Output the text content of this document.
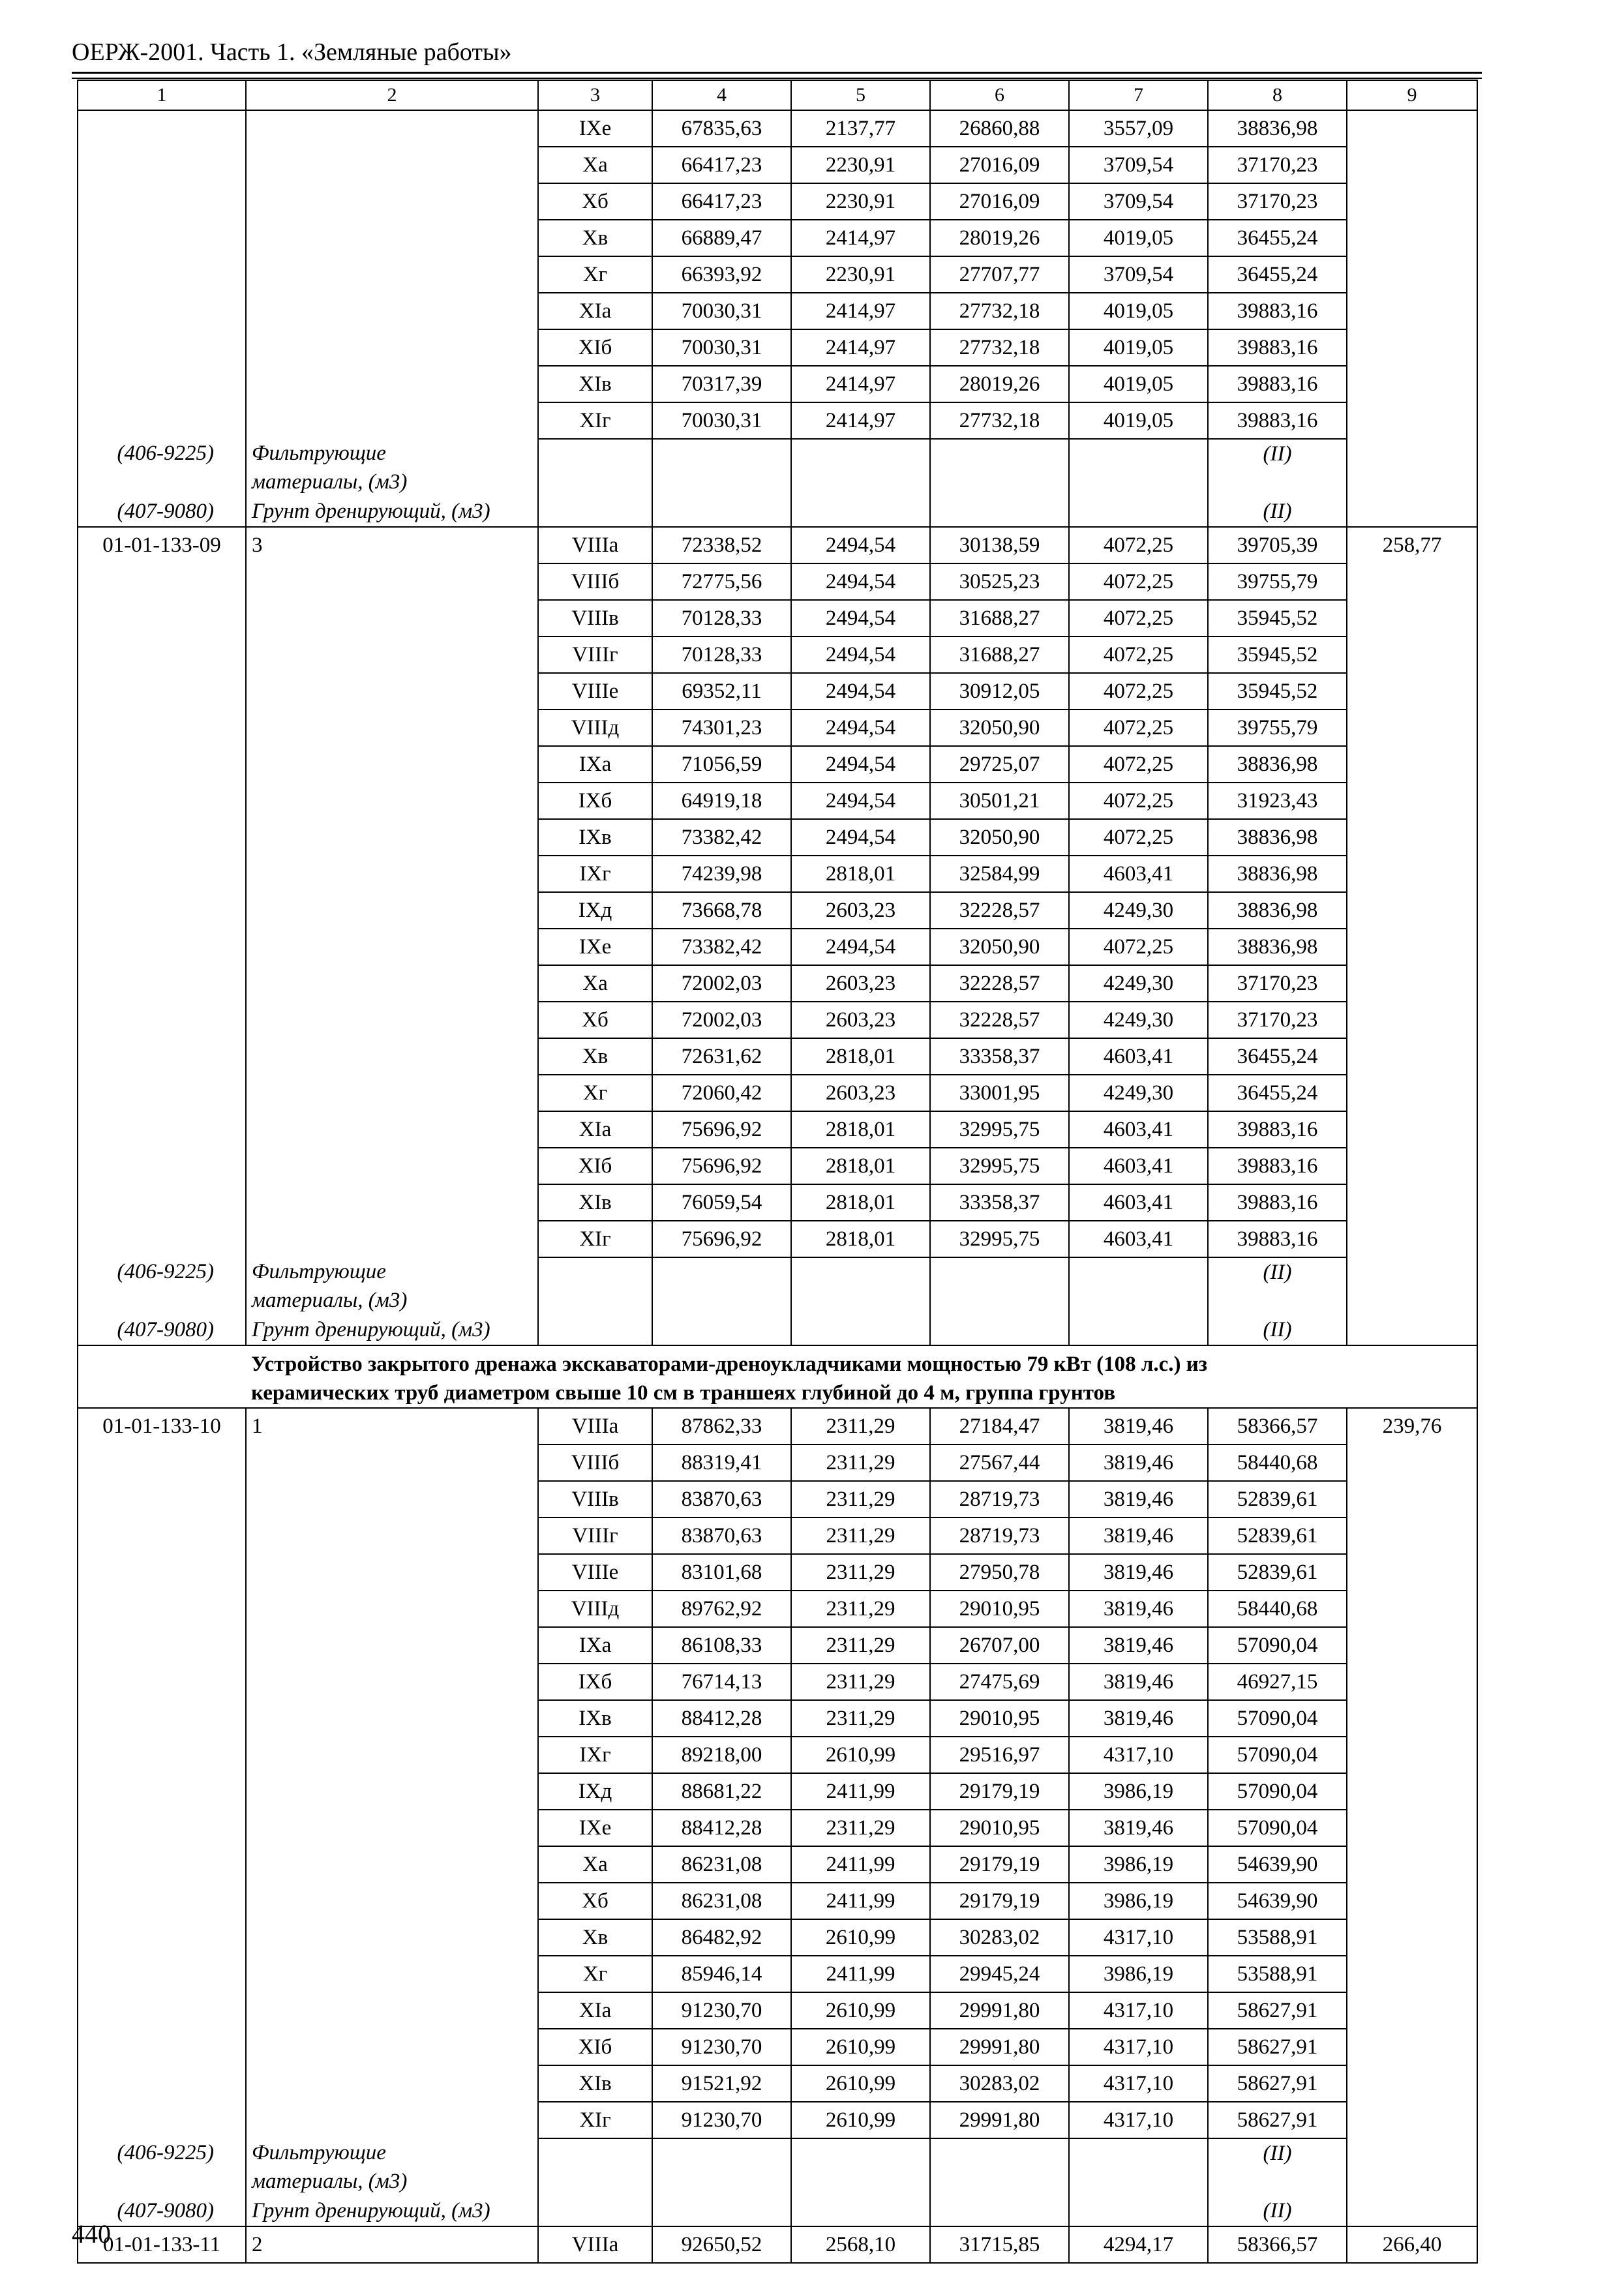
ОЕРЖ-2001. Часть 1. «Земляные работы»
1	2	3	4	5	6	7	8	9
		IXе	67835,63	2137,77	26860,88	3557,09	38836,98	
		Xа	66417,23	2230,91	27016,09	3709,54	37170,23	
		Xб	66417,23	2230,91	27016,09	3709,54	37170,23	
		Xв	66889,47	2414,97	28019,26	4019,05	36455,24	
		Xг	66393,92	2230,91	27707,77	3709,54	36455,24	
		XIа	70030,31	2414,97	27732,18	4019,05	39883,16	
		XIб	70030,31	2414,97	27732,18	4019,05	39883,16	
		XIв	70317,39	2414,97	28019,26	4019,05	39883,16	
		XIг	70030,31	2414,97	27732,18	4019,05	39883,16	
(406-9225)	Фильтрующие
материалы, (м3)						(II)	
(407-9080)	Грунт дренирующий, (м3)						(II)	
01-01-133-09	3	VIIIа	72338,52	2494,54	30138,59	4072,25	39705,39	258,77
		VIIIб	72775,56	2494,54	30525,23	4072,25	39755,79	
		VIIIв	70128,33	2494,54	31688,27	4072,25	35945,52	
		VIIIг	70128,33	2494,54	31688,27	4072,25	35945,52	
		VIIIе	69352,11	2494,54	30912,05	4072,25	35945,52	
		VIIIд	74301,23	2494,54	32050,90	4072,25	39755,79	
		IXа	71056,59	2494,54	29725,07	4072,25	38836,98	
		IXб	64919,18	2494,54	30501,21	4072,25	31923,43	
		IXв	73382,42	2494,54	32050,90	4072,25	38836,98	
		IXг	74239,98	2818,01	32584,99	4603,41	38836,98	
		IXд	73668,78	2603,23	32228,57	4249,30	38836,98	
		IXе	73382,42	2494,54	32050,90	4072,25	38836,98	
		Xа	72002,03	2603,23	32228,57	4249,30	37170,23	
		Xб	72002,03	2603,23	32228,57	4249,30	37170,23	
		Xв	72631,62	2818,01	33358,37	4603,41	36455,24	
		Xг	72060,42	2603,23	33001,95	4249,30	36455,24	
		XIа	75696,92	2818,01	32995,75	4603,41	39883,16	
		XIб	75696,92	2818,01	32995,75	4603,41	39883,16	
		XIв	76059,54	2818,01	33358,37	4603,41	39883,16	
		XIг	75696,92	2818,01	32995,75	4603,41	39883,16	
(406-9225)	Фильтрующие
материалы, (м3)						(II)	
(407-9080)	Грунт дренирующий, (м3)						(II)	

	Устройство закрытого дренажа экскаваторами-дреноукладчиками мощностью 79 кВт (108 л.с.) из
керамических труб диаметром свыше 10 см в траншеях глубиной до 4 м, группа грунтов							

01-01-133-10	1	VIIIа	87862,33	2311,29	27184,47	3819,46	58366,57	239,76
		VIIIб	88319,41	2311,29	27567,44	3819,46	58440,68	
		VIIIв	83870,63	2311,29	28719,73	3819,46	52839,61	
		VIIIг	83870,63	2311,29	28719,73	3819,46	52839,61	
		VIIIе	83101,68	2311,29	27950,78	3819,46	52839,61	
		VIIIд	89762,92	2311,29	29010,95	3819,46	58440,68	
		IXа	86108,33	2311,29	26707,00	3819,46	57090,04	
		IXб	76714,13	2311,29	27475,69	3819,46	46927,15	
		IXв	88412,28	2311,29	29010,95	3819,46	57090,04	
		IXг	89218,00	2610,99	29516,97	4317,10	57090,04	
		IXд	88681,22	2411,99	29179,19	3986,19	57090,04	
		IXе	88412,28	2311,29	29010,95	3819,46	57090,04	
		Xа	86231,08	2411,99	29179,19	3986,19	54639,90	
		Xб	86231,08	2411,99	29179,19	3986,19	54639,90	
		Xв	86482,92	2610,99	30283,02	4317,10	53588,91	
		Xг	85946,14	2411,99	29945,24	3986,19	53588,91	
		XIа	91230,70	2610,99	29991,80	4317,10	58627,91	
		XIб	91230,70	2610,99	29991,80	4317,10	58627,91	
		XIв	91521,92	2610,99	30283,02	4317,10	58627,91	
		XIг	91230,70	2610,99	29991,80	4317,10	58627,91	
(406-9225)	Фильтрующие
материалы, (м3)						(II)	
(407-9080)	Грунт дренирующий, (м3)						(II)	
01-01-133-11	2	VIIIа	92650,52	2568,10	31715,85	4294,17	58366,57	266,40
440
